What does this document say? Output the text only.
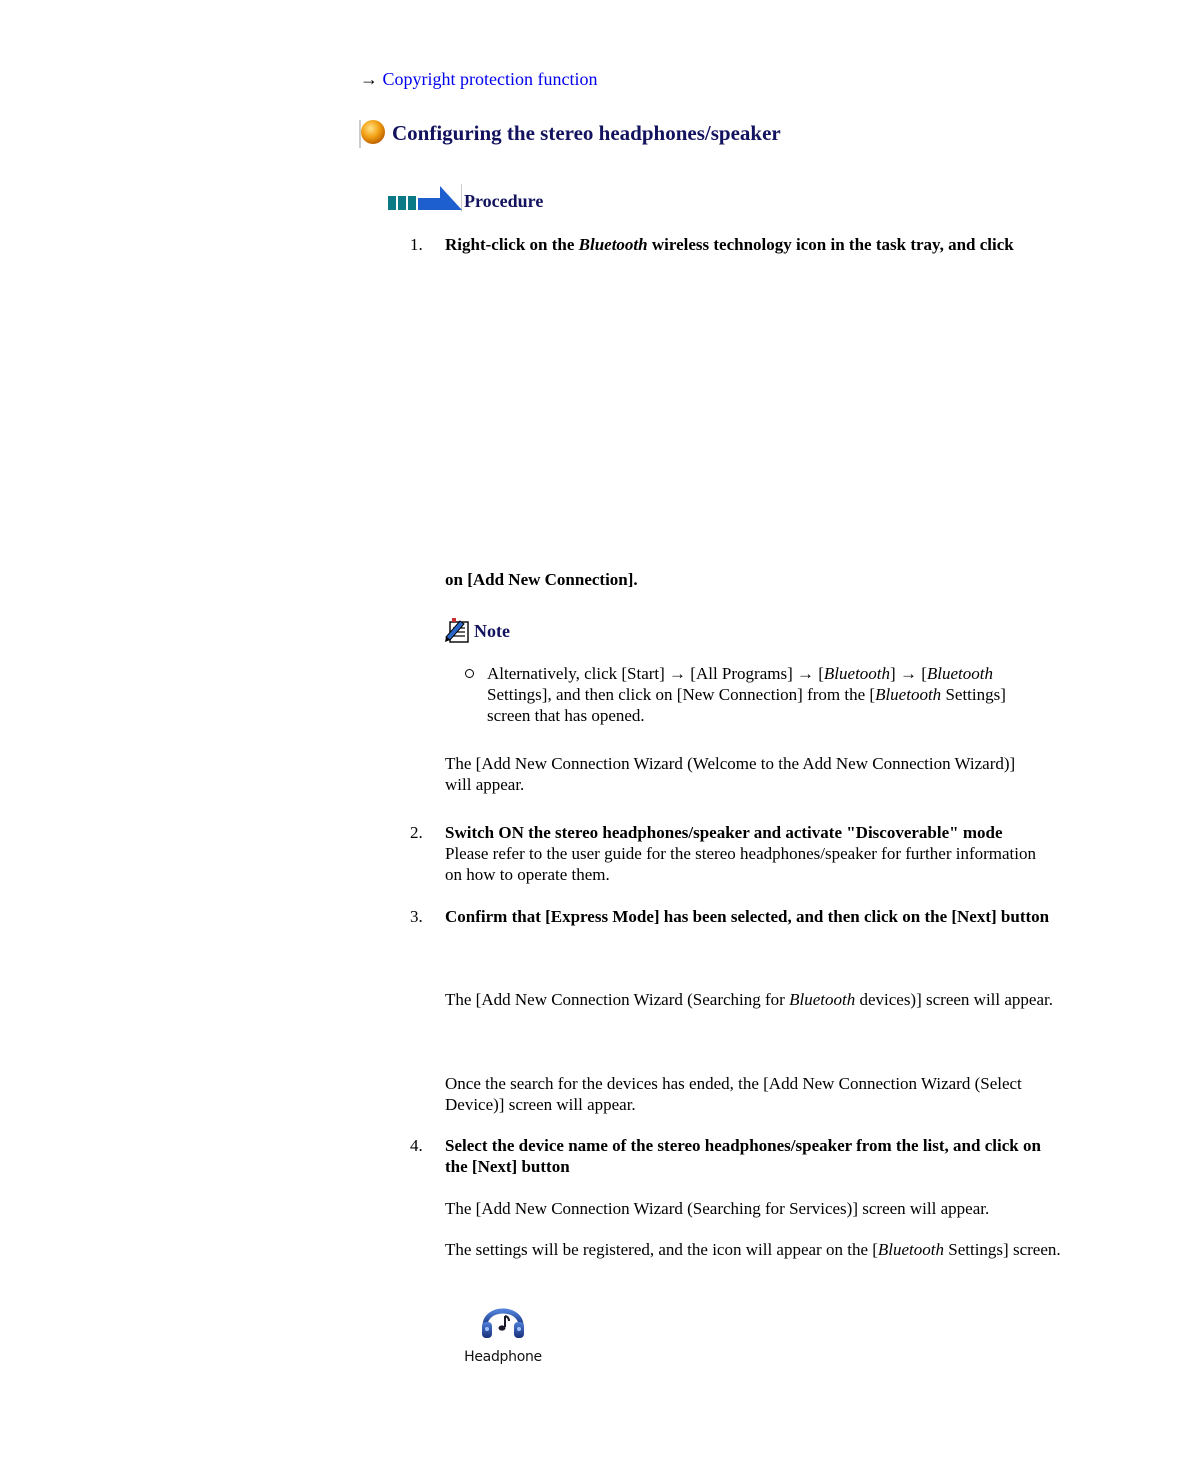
→ Copyright protection function
Configuring the stereo headphones/speaker
Procedure
1. Right-click on the Bluetooth wireless technology icon in the task tray, and click
on [Add New Connection].
Note
Alternatively, click [Start] → [All Programs] → [Bluetooth] → [Bluetooth
Settings], and then click on [New Connection] from the [Bluetooth Settings]
screen that has opened.
The [Add New Connection Wizard (Welcome to the Add New Connection Wizard)] will appear.
2. Switch ON the stereo headphones/speaker and activate "Discoverable" mode
Please refer to the user guide for the stereo headphones/speaker for further information on how to operate them.
3. Confirm that [Express Mode] has been selected, and then click on the [Next] button
The [Add New Connection Wizard (Searching for Bluetooth devices)] screen will appear.
Once the search for the devices has ended, the [Add New Connection Wizard (Select Device)] screen will appear.
4. Select the device name of the stereo headphones/speaker from the list, and click on the [Next] button
The [Add New Connection Wizard (Searching for Services)] screen will appear.
The settings will be registered, and the icon will appear on the [Bluetooth Settings] screen.
Headphone
